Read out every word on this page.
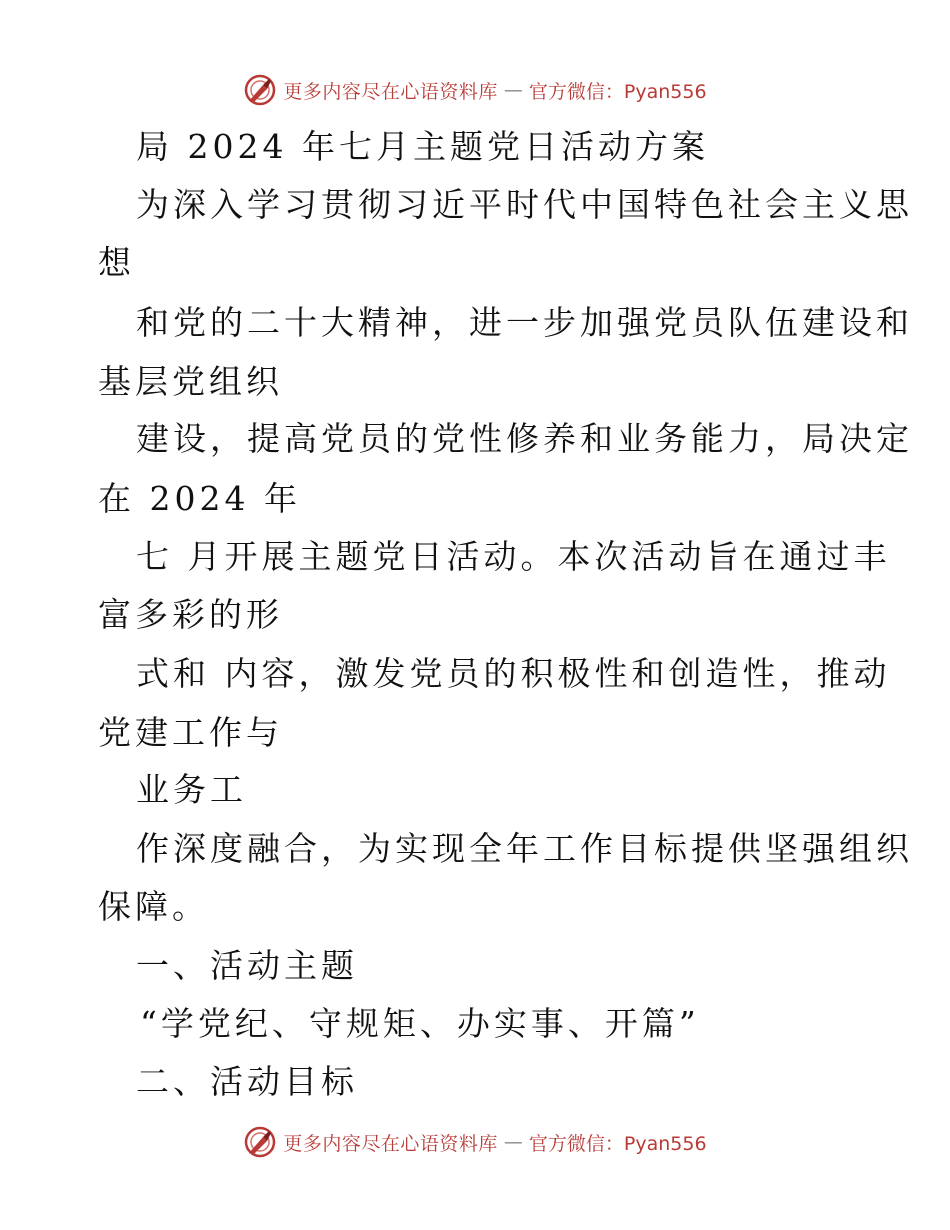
更多内容尽在心语资料库 — 官方微信：Pyan556
局 2024 年七月主题党日活动方案
为深入学习贯彻习近平时代中国特色社会主义思
想
和党的二十大精神，进一步加强党员队伍建设和
基层党组织
建设，提高党员的党性修养和业务能力，局决定
在 2024 年
七 月开展主题党日活动。本次活动旨在通过丰
富多彩的形
式和 内容，激发党员的积极性和创造性，推动
党建工作与
业务工
作深度融合，为实现全年工作目标提供坚强组织
保障。
一、活动主题
“学党纪、守规矩、办实事、开篇”
二、活动目标
更多内容尽在心语资料库 — 官方微信：Pyan556
